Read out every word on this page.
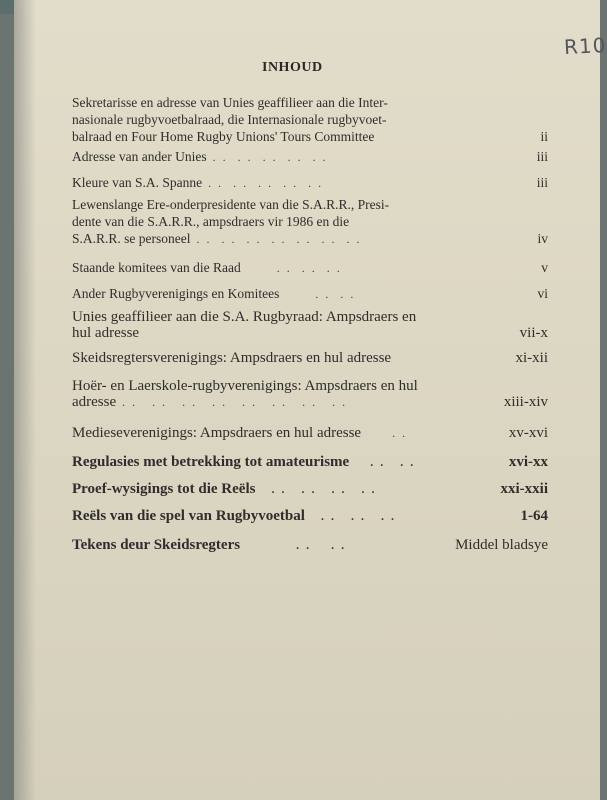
R10
INHOUD
Sekretarisse en adresse van Unies geaffilieer aan die Inter-
nasionale rugbyvoetbalraad, die Internasionale rugbyvoet-
balraad en Four Home Rugby Unions' Tours Committee	ii
Adresse van ander Unies . .  . .  . .  . .  . .	iii
Kleure van S.A. Spanne . .  . .  . .  . .  . .	iii
Lewenslange Ere-onderpresidente van die S.A.R.R., Presi-
dente van die S.A.R.R., ampsdraers vir 1986 en die
S.A.R.R. se personeel . .  . .  . .  . .  . .  . .  . .	iv
Staande komitees van die Raad . .  . .  . .	v
Ander Rugbyverenigings en Komitees . .  . .	vi
Unies geaffilieer aan die S.A. Rugbyraad: Ampsdraers en
hul adresse	vii-x
Skeidsregtersverenigings: Ampsdraers en hul adresse	xi-xii
Hoër- en Laerskole-rugbyverenigings: Ampsdraers en hul
adresse . .   . .   . .   . .   . .   . .   . .   . .	xiii-xiv
Medieseverenigings: Ampsdraers en hul adresse . .	xv-xvi
Regulasies met betrekking tot amateurisme . .   . .	xvi-xx
Proef-wysigings tot die Reëls . .   . .   . .   . .	xxi-xxii
Reëls van die spel van Rugbyvoetbal . .   . .   . .	1-64
Tekens deur Skeidsregters . .    . .	Middel bladsye
